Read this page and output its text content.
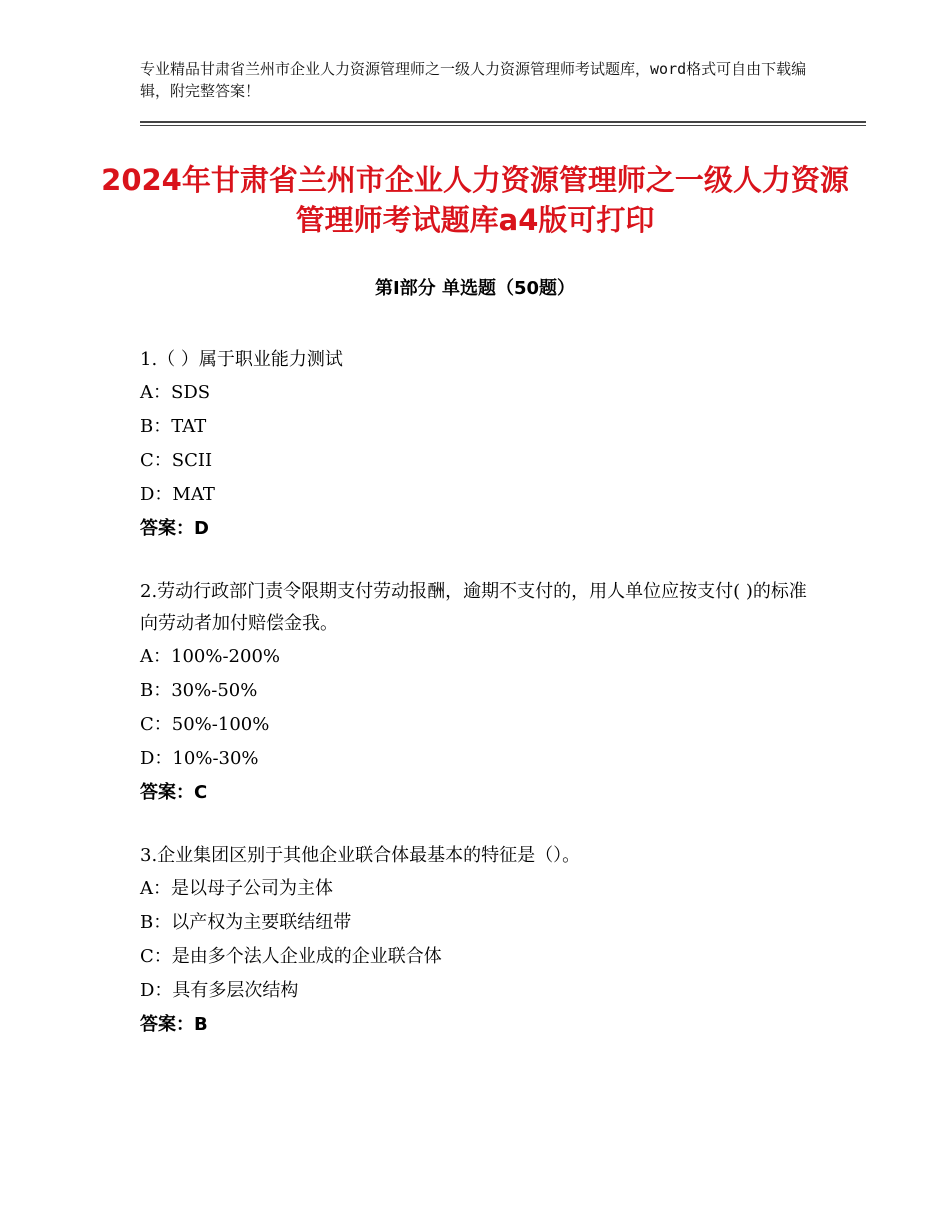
专业精品甘肃省兰州市企业人力资源管理师之一级人力资源管理师考试题库，word格式可自由下载编辑，附完整答案！
2024年甘肃省兰州市企业人力资源管理师之一级人力资源管理师考试题库a4版可打印
第Ⅰ部分 单选题（50题）
1.（ ）属于职业能力测试
A：SDS
B：TAT
C：SCII
D：MAT
答案：D
2.劳动行政部门责令限期支付劳动报酬，逾期不支付的，用人单位应按支付( )的标准向劳动者加付赔偿金我。
A：100%-200%
B：30%-50%
C：50%-100%
D：10%-30%
答案：C
3.企业集团区别于其他企业联合体最基本的特征是（）。
A：是以母子公司为主体
B：以产权为主要联结纽带
C：是由多个法人企业成的企业联合体
D：具有多层次结构
答案：B
